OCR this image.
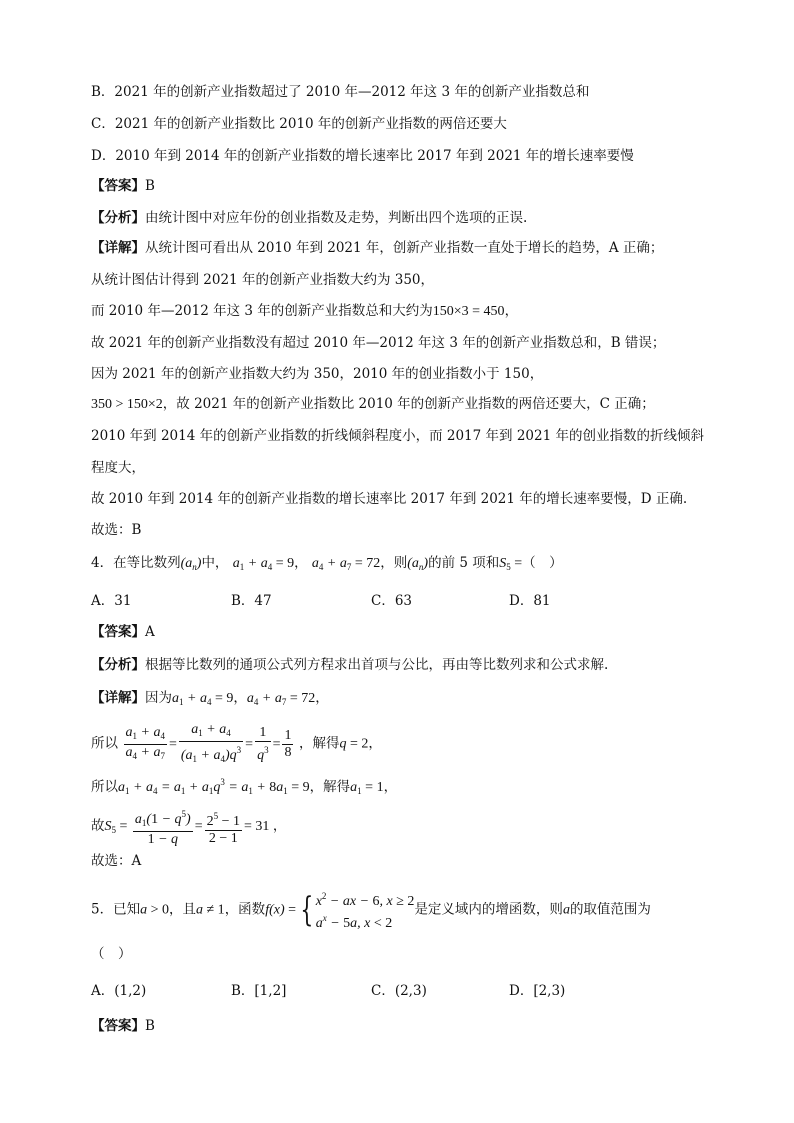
B．2021 年的创新产业指数超过了 2010 年—2012 年这 3 年的创新产业指数总和
C．2021 年的创新产业指数比 2010 年的创新产业指数的两倍还要大
D．2010 年到 2014 年的创新产业指数的增长速率比 2017 年到 2021 年的增长速率要慢
【答案】B
【分析】由统计图中对应年份的创业指数及走势，判断出四个选项的正误.
【详解】从统计图可看出从 2010 年到 2021 年，创新产业指数一直处于增长的趋势，A 正确；
从统计图估计得到 2021 年的创新产业指数大约为 350，
而 2010 年—2012 年这 3 年的创新产业指数总和大约为150×3 = 450，
故 2021 年的创新产业指数没有超过 2010 年—2012 年这 3 年的创新产业指数总和，B 错误；
因为 2021 年的创新产业指数大约为 350，2010 年的创业指数小于 150，
350 > 150×2，故 2021 年的创新产业指数比 2010 年的创新产业指数的两倍还要大，C 正确；
2010 年到 2014 年的创新产业指数的折线倾斜程度小，而 2017 年到 2021 年的创业指数的折线倾斜
程度大，
故 2010 年到 2014 年的创新产业指数的增长速率比 2017 年到 2021 年的增长速率要慢，D 正确.
故选：B
4．在等比数列$(a_n)$中， $a_1 + a_4 = 9$， $a_4 + a_7 = 72$，则$(a_n)$的前 5 项和$S_5$ =（　）
A．31	B．47	C．63	D．81
【答案】A
【分析】根据等比数列的通项公式列方程求出首项与公比，再由等比数列求和公式求解.
【详解】因为$a_1 + a_4 = 9$，$a_4 + a_7 = 72$，
所以 $\frac{a_1 + a_4}{a_4 + a_7} = \frac{a_1 + a_4}{(a_1 + a_4)q^3} = \frac{1}{q^3} = \frac{1}{8}$ ，解得q = 2，
所以$a_1 + a_4 = a_1 + a_1q^3 = a_1 + 8a_1 = 9$，解得$a_1 = 1$，
故$S_5 = \frac{a_1(1 - q^5)}{1 - q} = \frac{2^5 - 1}{2 - 1} = 31$ ，
故选：A
5．已知a > 0，且a ≠ 1，函数f(x) = { $x^2$ − ax − 6, x ≥ 2
$a^x - 5a$, x < 2
是定义域内的增函数，则a的取值范围为
（　）
A．(1,2)	B．[1,2]	C．(2,3)	D．[2,3)
【答案】B
